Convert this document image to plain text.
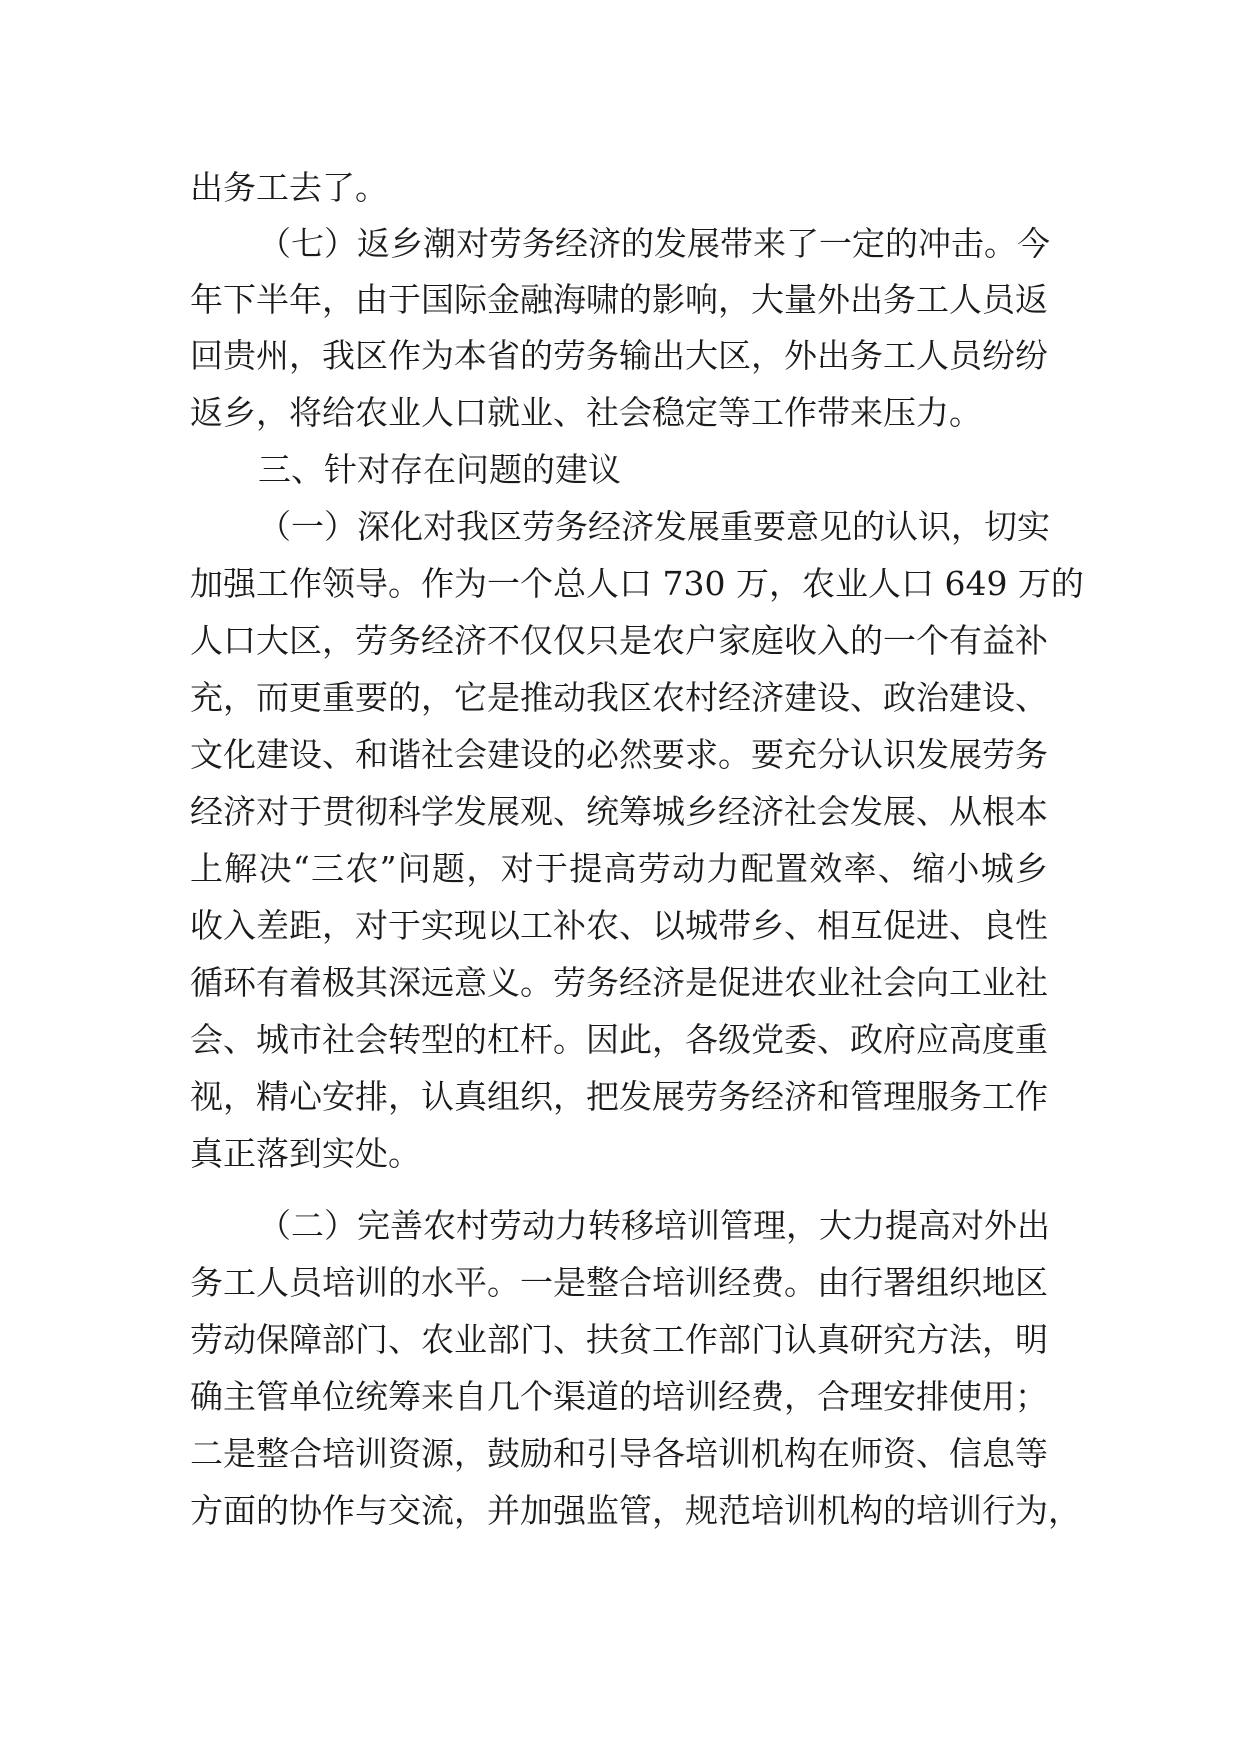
出务工去了。

（七）返乡潮对劳务经济的发展带来了一定的冲击。今

年下半年，由于国际金融海啸的影响，大量外出务工人员返

回贵州，我区作为本省的劳务输出大区，外出务工人员纷纷

返乡，将给农业人口就业、社会稳定等工作带来压力。

三、针对存在问题的建议

（一）深化对我区劳务经济发展重要意见的认识，切实

加强工作领导。作为一个总人口 730 万，农业人口 649 万的

人口大区，劳务经济不仅仅只是农户家庭收入的一个有益补

充，而更重要的，它是推动我区农村经济建设、政治建设、

文化建设、和谐社会建设的必然要求。要充分认识发展劳务

经济对于贯彻科学发展观、统筹城乡经济社会发展、从根本

上解决“三农”问题，对于提高劳动力配置效率、缩小城乡

收入差距，对于实现以工补农、以城带乡、相互促进、良性

循环有着极其深远意义。劳务经济是促进农业社会向工业社

会、城市社会转型的杠杆。因此，各级党委、政府应高度重

视，精心安排，认真组织，把发展劳务经济和管理服务工作

真正落到实处。

（二）完善农村劳动力转移培训管理，大力提高对外出

务工人员培训的水平。一是整合培训经费。由行署组织地区

劳动保障部门、农业部门、扶贫工作部门认真研究方法，明

确主管单位统筹来自几个渠道的培训经费，合理安排使用；

二是整合培训资源，鼓励和引导各培训机构在师资、信息等

方面的协作与交流，并加强监管，规范培训机构的培训行为，
